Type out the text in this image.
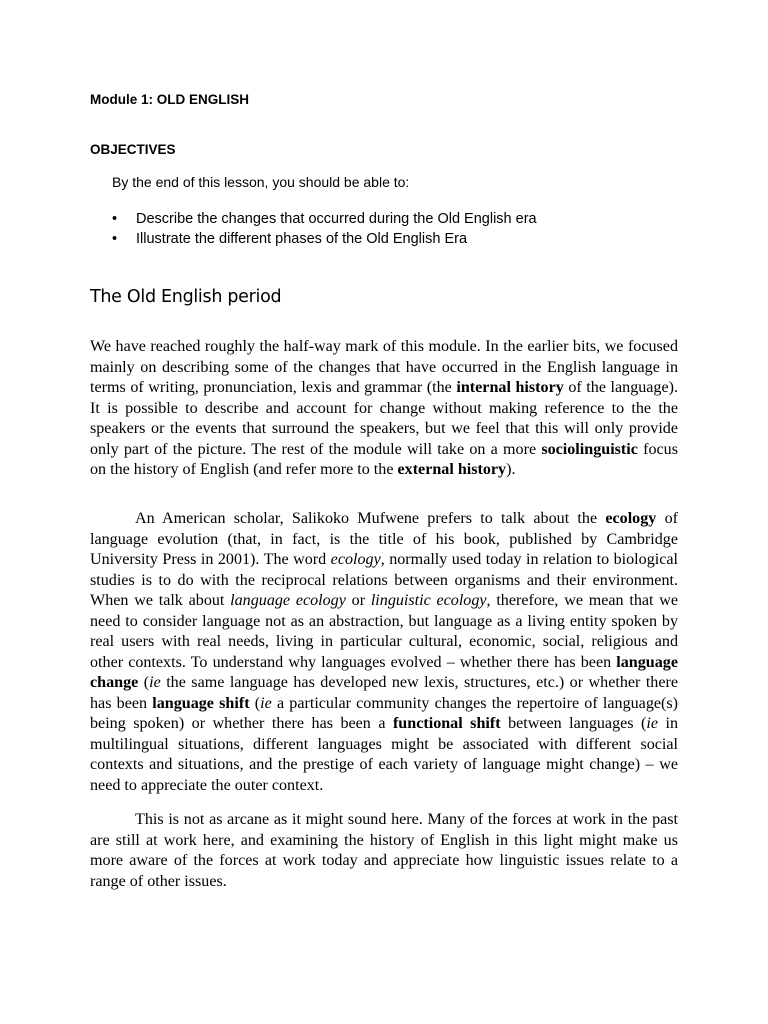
Module 1: OLD ENGLISH

OBJECTIVES

By the end of this lesson, you should be able to:

• Describe the changes that occurred during the Old English era
• Illustrate the different phases of the Old English Era
The Old English period

We have reached roughly the half-way mark of this module. In the earlier bits, we focused mainly on describing some of the changes that have occurred in the English language in terms of writing, pronunciation, lexis and grammar (the internal history of the language). It is possible to describe and account for change without making reference to the the speakers or the events that surround the speakers, but we feel that this will only provide only part of the picture. The rest of the module will take on a more sociolinguistic focus on the history of English (and refer more to the external history).

An American scholar, Salikoko Mufwene prefers to talk about the ecology of language evolution (that, in fact, is the title of his book, published by Cambridge University Press in 2001). The word ecology, normally used today in relation to biological studies is to do with the reciprocal relations between organisms and their environment. When we talk about language ecology or linguistic ecology, therefore, we mean that we need to consider language not as an abstraction, but language as a living entity spoken by real users with real needs, living in particular cultural, economic, social, religious and other contexts. To understand why languages evolved – whether there has been language change (ie the same language has developed new lexis, structures, etc.) or whether there has been language shift (ie a particular community changes the repertoire of language(s) being spoken) or whether there has been a functional shift between languages (ie in multilingual situations, different languages might be associated with different social contexts and situations, and the prestige of each variety of language might change) – we need to appreciate the outer context.

This is not as arcane as it might sound here. Many of the forces at work in the past are still at work here, and examining the history of English in this light might make us more aware of the forces at work today and appreciate how linguistic issues relate to a range of other issues.
